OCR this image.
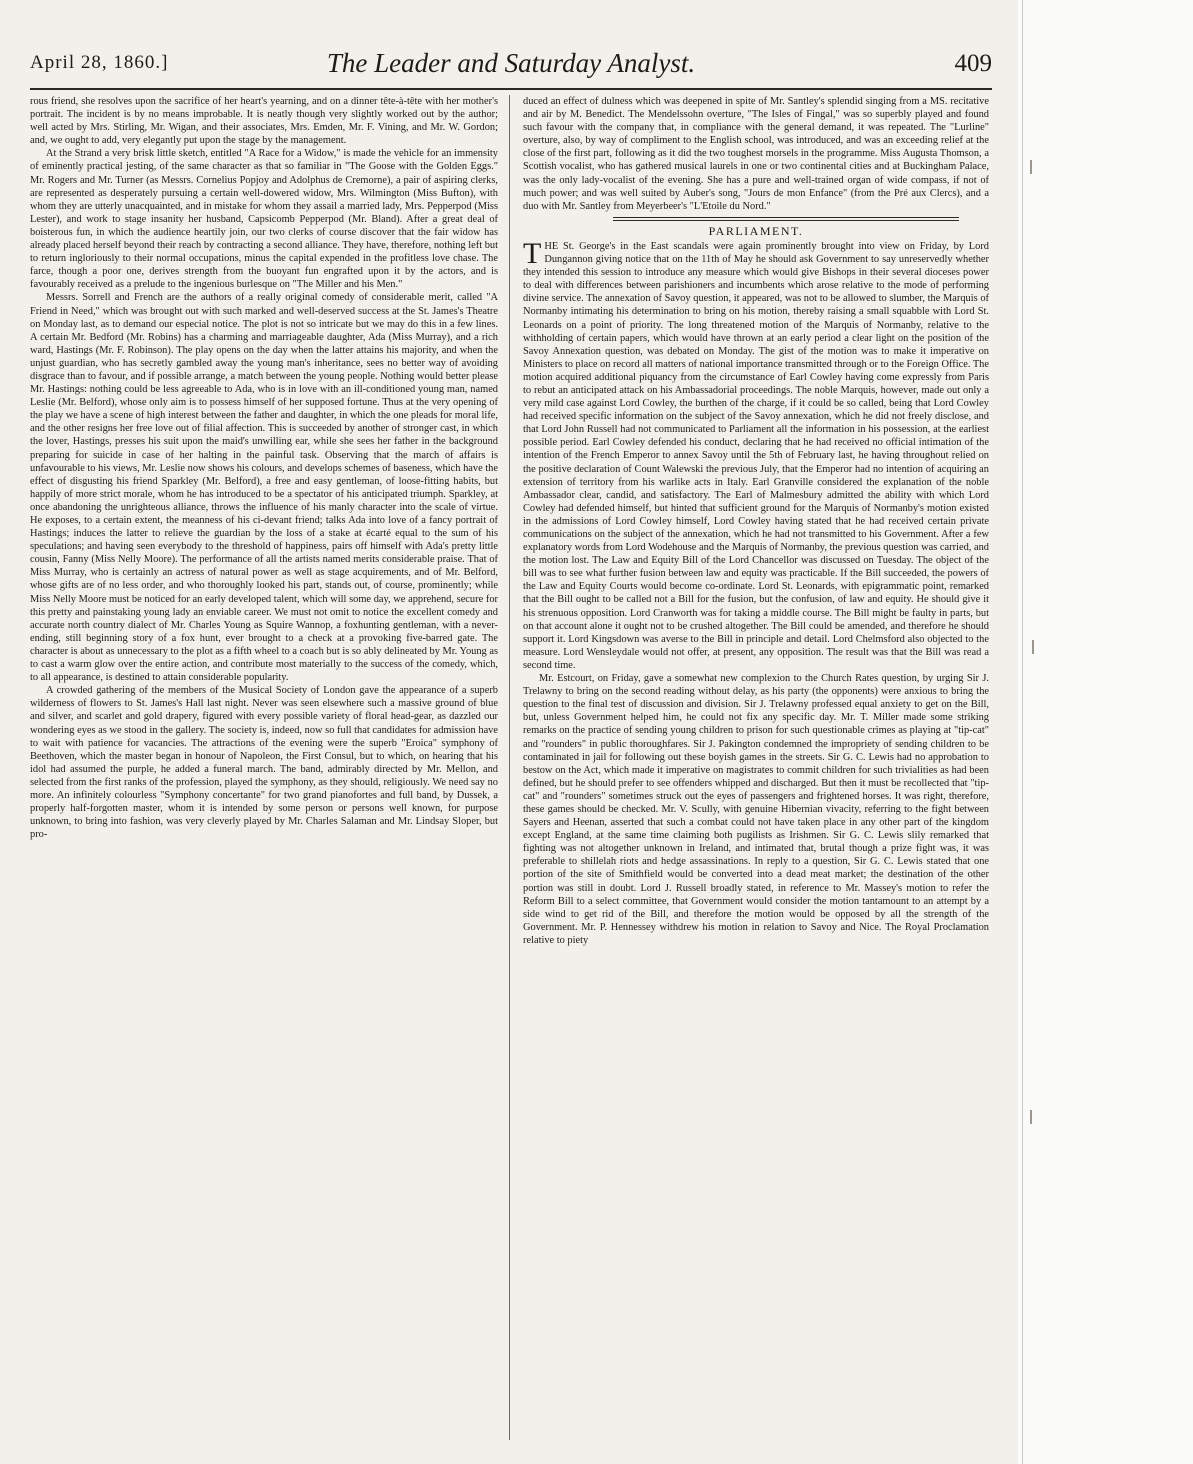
April 28, 1860.]	The Leader and Saturday Analyst.	409

rous friend, she resolves upon the sacrifice of her heart's yearning, and on a dinner tête-à-tête with her mother's portrait. The incident is by no means improbable. It is neatly though very slightly worked out by the author; well acted by Mrs. Stirling, Mr. Wigan, and their associates, Mrs. Emden, Mr. F. Vining, and Mr. W. Gordon; and, we ought to add, very elegantly put upon the stage by the management.

At the Strand a very brisk little sketch, entitled "A Race for a Widow," is made the vehicle for an immensity of eminently practical jesting, of the same character as that so familiar in "The Goose with the Golden Eggs." Mr. Rogers and Mr. Turner (as Messrs. Cornelius Popjoy and Adolphus de Cremorne), a pair of aspiring clerks, are represented as desperately pursuing a certain well-dowered widow, Mrs. Wilmington (Miss Bufton), with whom they are utterly unacquainted, and in mistake for whom they assail a married lady, Mrs. Pepperpod (Miss Lester), and work to stage insanity her husband, Capsicomb Pepperpod (Mr. Bland). After a great deal of boisterous fun, in which the audience heartily join, our two clerks of course discover that the fair widow has already placed herself beyond their reach by contracting a second alliance. They have, therefore, nothing left but to return ingloriously to their normal occupations, minus the capital expended in the profitless love chase. The farce, though a poor one, derives strength from the buoyant fun engrafted upon it by the actors, and is favourably received as a prelude to the ingenious burlesque on "The Miller and his Men."

Messrs. Sorrell and French are the authors of a really original comedy of considerable merit, called "A Friend in Need," which was brought out with such marked and well-deserved success at the St. James's Theatre on Monday last, as to demand our especial notice. The plot is not so intricate but we may do this in a few lines. A certain Mr. Bedford (Mr. Robins) has a charming and marriageable daughter, Ada (Miss Murray), and a rich ward, Hastings (Mr. F. Robinson). The play opens on the day when the latter attains his majority, and when the unjust guardian, who has secretly gambled away the young man's inheritance, sees no better way of avoiding disgrace than to favour, and if possible arrange, a match between the young people. Nothing would better please Mr. Hastings: nothing could be less agreeable to Ada, who is in love with an ill-conditioned young man, named Leslie (Mr. Belford), whose only aim is to possess himself of her supposed fortune. Thus at the very opening of the play we have a scene of high interest between the father and daughter, in which the one pleads for moral life, and the other resigns her free love out of filial affection. This is succeeded by another of stronger cast, in which the lover, Hastings, presses his suit upon the maid's unwilling ear, while she sees her father in the background preparing for suicide in case of her halting in the painful task. Observing that the march of affairs is unfavourable to his views, Mr. Leslie now shows his colours, and develops schemes of baseness, which have the effect of disgusting his friend Sparkley (Mr. Belford), a free and easy gentleman, of loose-fitting habits, but happily of more strict morale, whom he has introduced to be a spectator of his anticipated triumph. Sparkley, at once abandoning the unrighteous alliance, throws the influence of his manly character into the scale of virtue. He exposes, to a certain extent, the meanness of his ci-devant friend; talks Ada into love of a fancy portrait of Hastings; induces the latter to relieve the guardian by the loss of a stake at écarté equal to the sum of his speculations; and having seen everybody to the threshold of happiness, pairs off himself with Ada's pretty little cousin, Fanny (Miss Nelly Moore). The performance of all the artists named merits considerable praise. That of Miss Murray, who is certainly an actress of natural power as well as stage acquirements, and of Mr. Belford, whose gifts are of no less order, and who thoroughly looked his part, stands out, of course, prominently; while Miss Nelly Moore must be noticed for an early developed talent, which will some day, we apprehend, secure for this pretty and painstaking young lady an enviable career. We must not omit to notice the excellent comedy and accurate north country dialect of Mr. Charles Young as Squire Wannop, a foxhunting gentleman, with a never-ending, still beginning story of a fox hunt, ever brought to a check at a provoking five-barred gate. The character is about as unnecessary to the plot as a fifth wheel to a coach but is so ably delineated by Mr. Young as to cast a warm glow over the entire action, and contribute most materially to the success of the comedy, which, to all appearance, is destined to attain considerable popularity.

A crowded gathering of the members of the Musical Society of London gave the appearance of a superb wilderness of flowers to St. James's Hall last night. Never was seen elsewhere such a massive ground of blue and silver, and scarlet and gold drapery, figured with every possible variety of floral head-gear, as dazzled our wondering eyes as we stood in the gallery. The society is, indeed, now so full that candidates for admission have to wait with patience for vacancies. The attractions of the evening were the superb "Eroica" symphony of Beethoven, which the master began in honour of Napoleon, the First Consul, but to which, on hearing that his idol had assumed the purple, he added a funeral march. The band, admirably directed by Mr. Mellon, and selected from the first ranks of the profession, played the symphony, as they should, religiously. We need say no more. An infinitely colourless "Symphony concertante" for two grand pianofortes and full band, by Dussek, a properly half-forgotten master, whom it is intended by some person or persons well known, for purpose unknown, to bring into fashion, was very cleverly played by Mr. Charles Salaman and Mr. Lindsay Sloper, but pro-

duced an effect of dulness which was deepened in spite of Mr. Santley's splendid singing from a MS. recitative and air by M. Benedict. The Mendelssohn overture, "The Isles of Fingal," was so superbly played and found such favour with the company that, in compliance with the general demand, it was repeated. The "Lurline" overture, also, by way of compliment to the English school, was introduced, and was an exceeding relief at the close of the first part, following as it did the two toughest morsels in the programme. Miss Augusta Thomson, a Scottish vocalist, who has gathered musical laurels in one or two continental cities and at Buckingham Palace, was the only lady-vocalist of the evening. She has a pure and well-trained organ of wide compass, if not of much power; and was well suited by Auber's song, "Jours de mon Enfance" (from the Pré aux Clercs), and a duo with Mr. Santley from Meyerbeer's "L'Etoile du Nord."

PARLIAMENT.

THE St. George's in the East scandals were again prominently brought into view on Friday, by Lord Dungannon giving notice that on the 11th of May he should ask Government to say unreservedly whether they intended this session to introduce any measure which would give Bishops in their several dioceses power to deal with differences between parishioners and incumbents which arose relative to the mode of performing divine service. The annexation of Savoy question, it appeared, was not to be allowed to slumber, the Marquis of Normanby intimating his determination to bring on his motion, thereby raising a small squabble with Lord St. Leonards on a point of priority. The long threatened motion of the Marquis of Normanby, relative to the withholding of certain papers, which would have thrown at an early period a clear light on the position of the Savoy Annexation question, was debated on Monday. The gist of the motion was to make it imperative on Ministers to place on record all matters of national importance transmitted through or to the Foreign Office. The motion acquired additional piquancy from the circumstance of Earl Cowley having come expressly from Paris to rebut an anticipated attack on his Ambassadorial proceedings. The noble Marquis, however, made out only a very mild case against Lord Cowley, the burthen of the charge, if it could be so called, being that Lord Cowley had received specific information on the subject of the Savoy annexation, which he did not freely disclose, and that Lord John Russell had not communicated to Parliament all the information in his possession, at the earliest possible period. Earl Cowley defended his conduct, declaring that he had received no official intimation of the intention of the French Emperor to annex Savoy until the 5th of February last, he having throughout relied on the positive declaration of Count Walewski the previous July, that the Emperor had no intention of acquiring an extension of territory from his warlike acts in Italy. Earl Granville considered the explanation of the noble Ambassador clear, candid, and satisfactory. The Earl of Malmesbury admitted the ability with which Lord Cowley had defended himself, but hinted that sufficient ground for the Marquis of Normanby's motion existed in the admissions of Lord Cowley himself, Lord Cowley having stated that he had received certain private communications on the subject of the annexation, which he had not transmitted to his Government. After a few explanatory words from Lord Wodehouse and the Marquis of Normanby, the previous question was carried, and the motion lost. The Law and Equity Bill of the Lord Chancellor was discussed on Tuesday. The object of the bill was to see what further fusion between law and equity was practicable. If the Bill succeeded, the powers of the Law and Equity Courts would become co-ordinate. Lord St. Leonards, with epigrammatic point, remarked that the Bill ought to be called not a Bill for the fusion, but the confusion, of law and equity. He should give it his strenuous opposition. Lord Cranworth was for taking a middle course. The Bill might be faulty in parts, but on that account alone it ought not to be crushed altogether. The Bill could be amended, and therefore he should support it. Lord Kingsdown was averse to the Bill in principle and detail. Lord Chelmsford also objected to the measure. Lord Wensleydale would not offer, at present, any opposition. The result was that the Bill was read a second time.

Mr. Estcourt, on Friday, gave a somewhat new complexion to the Church Rates question, by urging Sir J. Trelawny to bring on the second reading without delay, as his party (the opponents) were anxious to bring the question to the final test of discussion and division. Sir J. Trelawny professed equal anxiety to get on the Bill, but, unless Government helped him, he could not fix any specific day. Mr. T. Miller made some striking remarks on the practice of sending young children to prison for such questionable crimes as playing at "tip-cat" and "rounders" in public thoroughfares. Sir J. Pakington condemned the impropriety of sending children to be contaminated in jail for following out these boyish games in the streets. Sir G. C. Lewis had no approbation to bestow on the Act, which made it imperative on magistrates to commit children for such trivialities as had been defined, but he should prefer to see offenders whipped and discharged. But then it must be recollected that "tip-cat" and "rounders" sometimes struck out the eyes of passengers and frightened horses. It was right, therefore, these games should be checked. Mr. V. Scully, with genuine Hibernian vivacity, referring to the fight between Sayers and Heenan, asserted that such a combat could not have taken place in any other part of the kingdom except England, at the same time claiming both pugilists as Irishmen. Sir G. C. Lewis slily remarked that fighting was not altogether unknown in Ireland, and intimated that, brutal though a prize fight was, it was preferable to shillelah riots and hedge assassinations. In reply to a question, Sir G. C. Lewis stated that one portion of the site of Smithfield would be converted into a dead meat market; the destination of the other portion was still in doubt. Lord J. Russell broadly stated, in reference to Mr. Massey's motion to refer the Reform Bill to a select committee, that Government would consider the motion tantamount to an attempt by a side wind to get rid of the Bill, and therefore the motion would be opposed by all the strength of the Government. Mr. P. Hennessey withdrew his motion in relation to Savoy and Nice. The Royal Proclamation relative to piety
